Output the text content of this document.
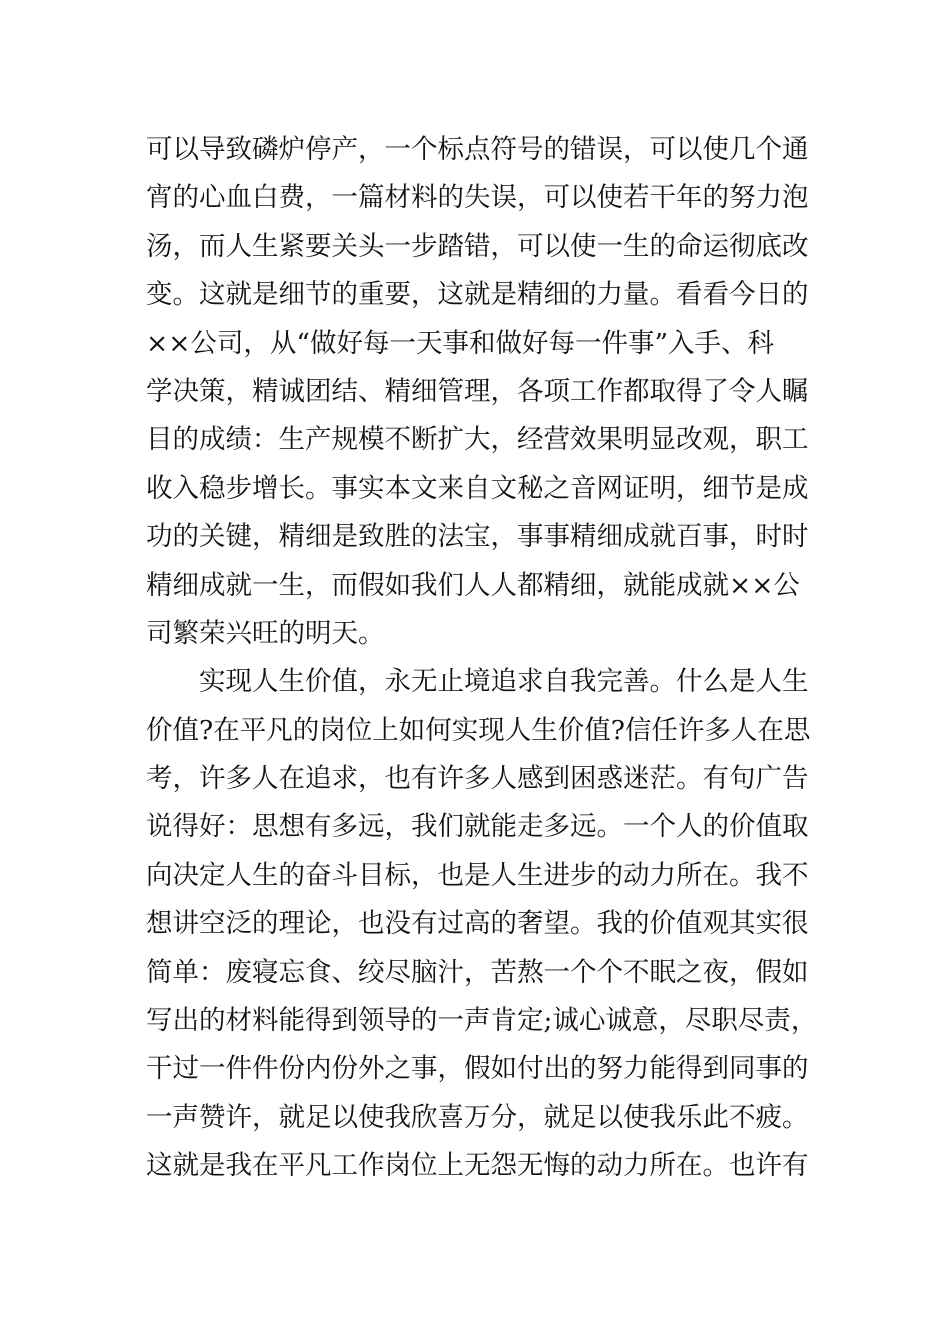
可以导致磷炉停产，一个标点符号的错误，可以使几个通
宵的心血白费，一篇材料的失误，可以使若干年的努力泡
汤，而人生紧要关头一步踏错，可以使一生的命运彻底改
变。这就是细节的重要，这就是精细的力量。看看今日的
××公司，从“做好每一天事和做好每一件事”入手、科
学决策，精诚团结、精细管理，各项工作都取得了令人瞩
目的成绩：生产规模不断扩大，经营效果明显改观，职工
收入稳步增长。事实本文来自文秘之音网证明，细节是成
功的关键，精细是致胜的法宝，事事精细成就百事，时时
精细成就一生，而假如我们人人都精细，就能成就××公
司繁荣兴旺的明天。
　　实现人生价值，永无止境追求自我完善。什么是人生
价值?在平凡的岗位上如何实现人生价值?信任许多人在思
考，许多人在追求，也有许多人感到困惑迷茫。有句广告
说得好：思想有多远，我们就能走多远。一个人的价值取
向决定人生的奋斗目标，也是人生进步的动力所在。我不
想讲空泛的理论，也没有过高的奢望。我的价值观其实很
简单：废寝忘食、绞尽脑汁，苦熬一个个不眠之夜，假如
写出的材料能得到领导的一声肯定;诚心诚意，尽职尽责，
干过一件件份内份外之事，假如付出的努力能得到同事的
一声赞许，就足以使我欣喜万分，就足以使我乐此不疲。
这就是我在平凡工作岗位上无怨无悔的动力所在。也许有
